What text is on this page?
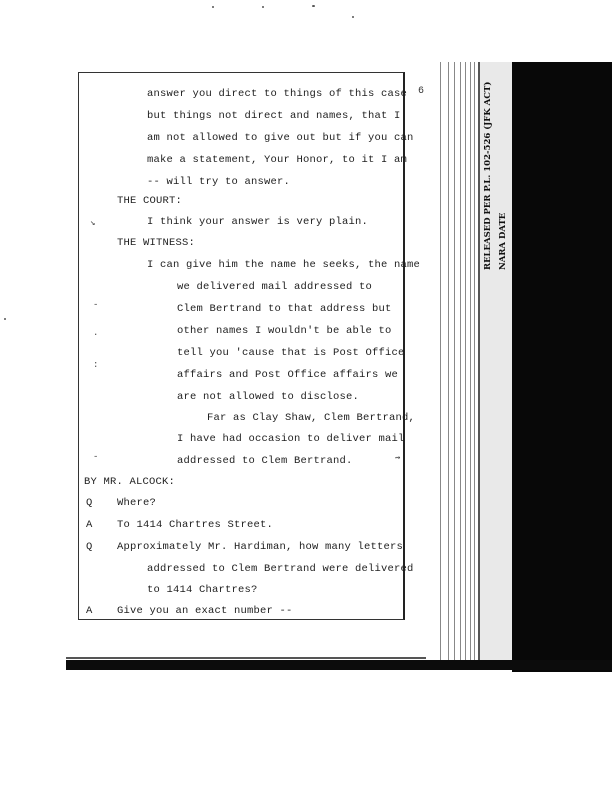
6
answer you direct to things of this case
but things not direct and names, that I
am not allowed to give out but if you can
make a statement, Your Honor, to it I am
-- will try to answer.
THE COURT:
I think your answer is very plain.
THE WITNESS:
I can give him the name he seeks, the name
we delivered mail addressed to
Clem Bertrand to that address but
other names I wouldn't be able to
tell you 'cause that is Post Office
affairs and Post Office affairs we
are not allowed to disclose.
Far as Clay Shaw, Clem Bertrand,
I have had occasion to deliver mail
addressed to Clem Bertrand.
BY MR. ALCOCK:
Q Where?
A To 1414 Chartres Street.
Q Approximately Mr. Hardiman, how many letters
addressed to Clem Bertrand were delivered
to 1414 Chartres?
A Give you an exact number --
↘
⇝
-
·
:
-
RELEASED PER P.L. 102-526 (JFK ACT) NARA DATE
